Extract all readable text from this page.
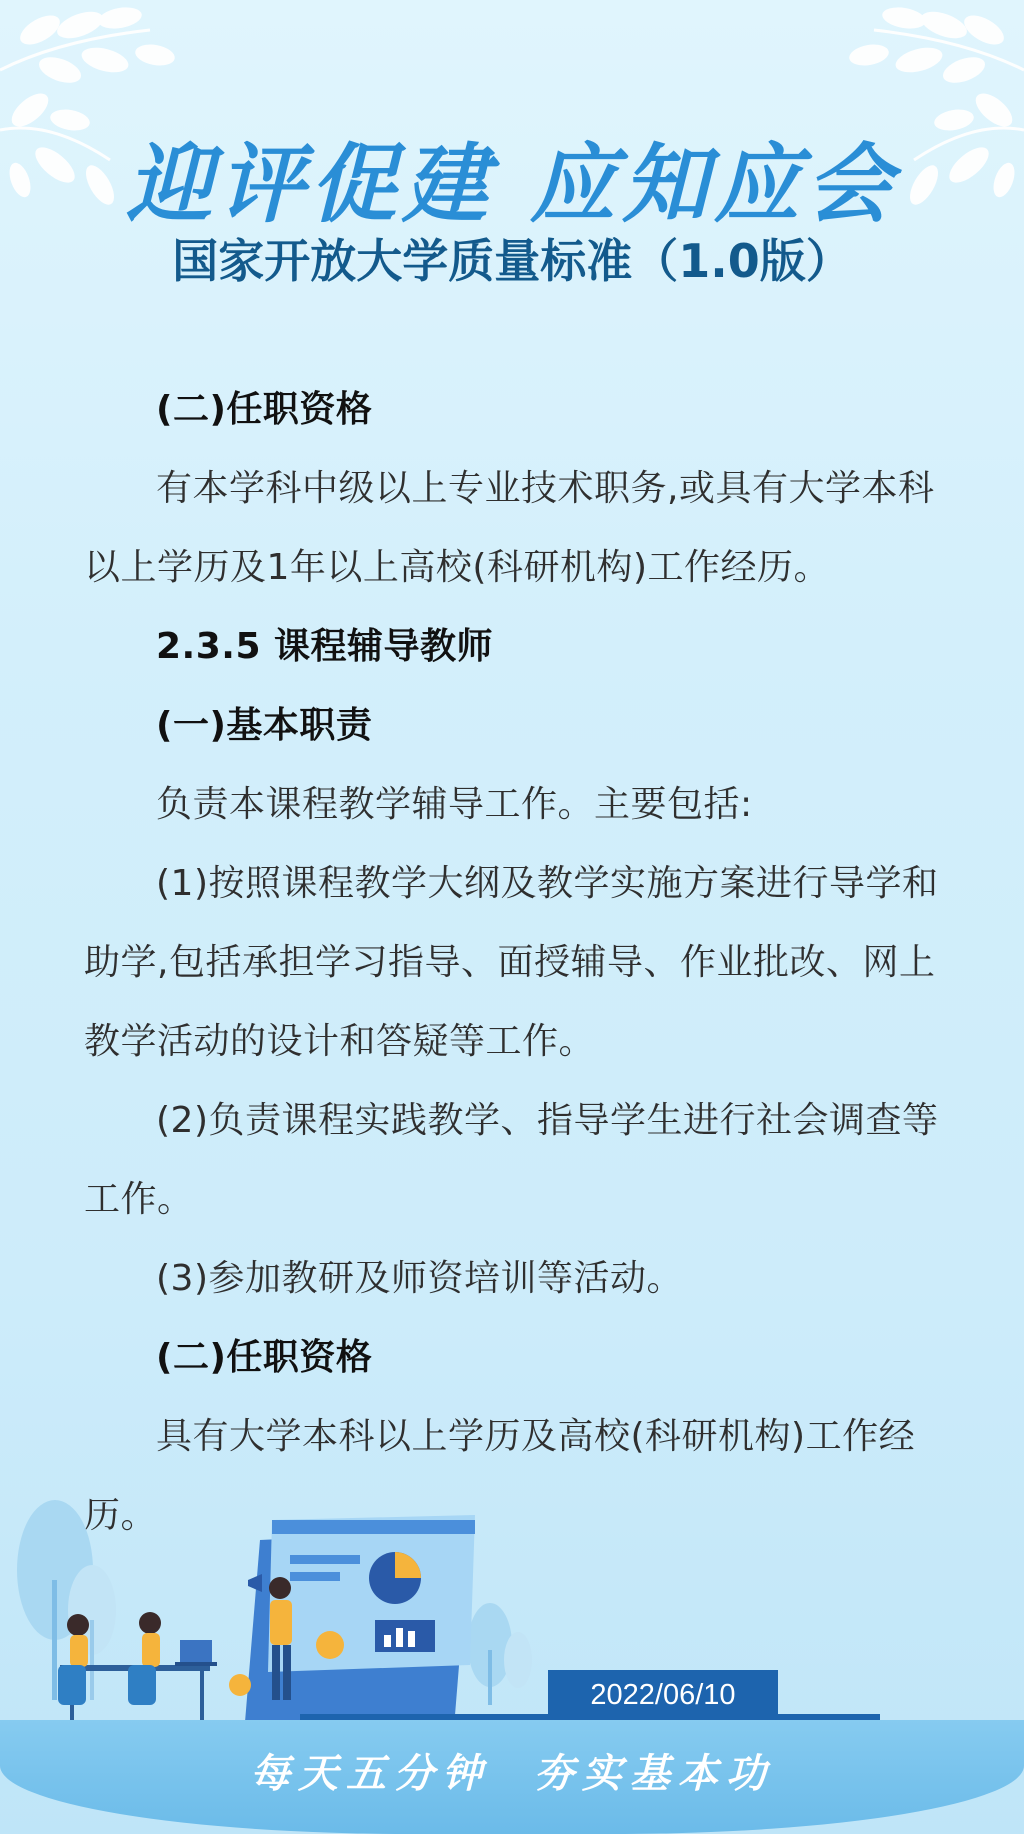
迎评促建 应知应会
国家开放大学质量标准（1.0版）

(二)任职资格

有本学科中级以上专业技术职务,或具有大学本科以上学历及1年以上高校(科研机构)工作经历。

2.3.5 课程辅导教师

(一)基本职责

负责本课程教学辅导工作。主要包括:

(1)按照课程教学大纲及教学实施方案进行导学和助学,包括承担学习指导、面授辅导、作业批改、网上教学活动的设计和答疑等工作。

(2)负责课程实践教学、指导学生进行社会调查等工作。

(3)参加教研及师资培训等活动。

(二)任职资格

具有大学本科以上学历及高校(科研机构)工作经历。

2022/06/10
每天五分钟  夯实基本功
